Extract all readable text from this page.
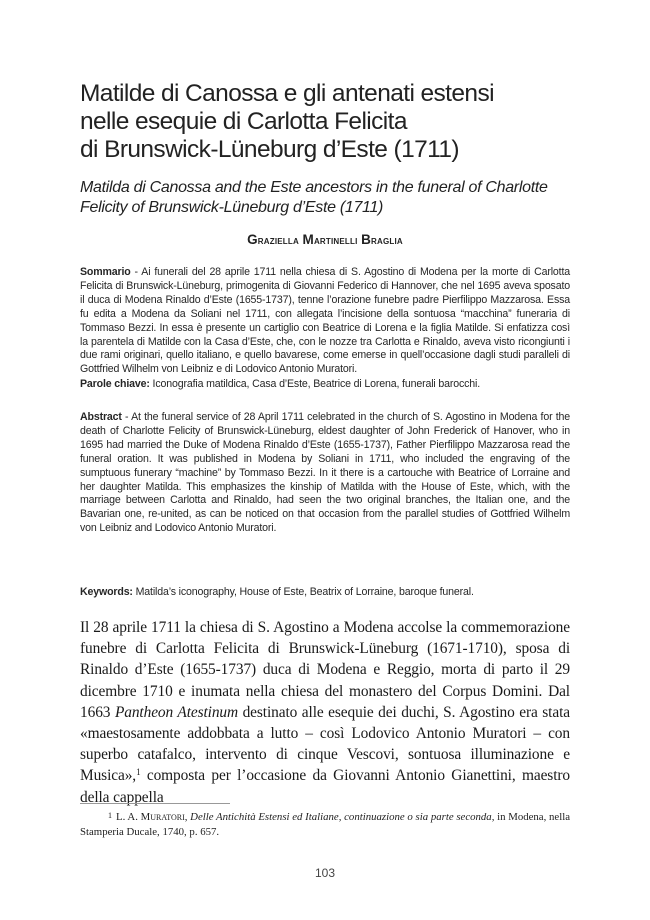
Matilde di Canossa e gli antenati estensi
nelle esequie di Carlotta Felicita
di Brunswick-Lüneburg d’Este (1711)
Matilda di Canossa and the Este ancestors in the funeral of Charlotte
Felicity of Brunswick-Lüneburg d’Este (1711)
Graziella Martinelli Braglia
Sommario - Ai funerali del 28 aprile 1711 nella chiesa di S. Agostino di Modena per la morte di Carlotta Felicita di Brunswick-Lüneburg, primogenita di Giovanni Federico di Hannover, che nel 1695 aveva sposato il duca di Modena Rinaldo d’Este (1655-1737), tenne l’orazione funebre padre Pierfilippo Mazzarosa. Essa fu edita a Modena da Soliani nel 1711, con allegata l’incisione della sontuosa “macchina” funeraria di Tommaso Bezzi. In essa è presente un cartiglio con Beatrice di Lorena e la figlia Matilde. Si enfatizza così la parentela di Matilde con la Casa d’Este, che, con le nozze tra Carlotta e Rinaldo, aveva visto ricongiunti i due rami originari, quello italiano, e quello bavarese, come emerse in quell’occasione dagli studi paralleli di Gottfried Wilhelm von Leibniz e di Lodovico Antonio Muratori.
Parole chiave: Iconografia matildica, Casa d’Este, Beatrice di Lorena, funerali barocchi.
Abstract - At the funeral service of 28 April 1711 celebrated in the church of S. Agostino in Modena for the death of Charlotte Felicity of Brunswick-Lüneburg, eldest daughter of John Frederick of Hanover, who in 1695 had married the Duke of Modena Rinaldo d’Este (1655-1737), Father Pierfilippo Mazzarosa read the funeral oration. It was published in Modena by Soliani in 1711, who included the engraving of the sumptuous funerary “machine” by Tommaso Bezzi. In it there is a cartouche with Beatrice of Lorraine and her daughter Matilda. This emphasizes the kinship of Matilda with the House of Este, which, with the marriage between Carlotta and Rinaldo, had seen the two original branches, the Italian one, and the Bavarian one, re-united, as can be noticed on that occasion from the parallel studies of Gottfried Wilhelm von Leibniz and Lodovico Antonio Muratori.
Keywords: Matilda’s iconography, House of Este, Beatrix of Lorraine, baroque funeral.
Il 28 aprile 1711 la chiesa di S. Agostino a Modena accolse la commemorazione funebre di Carlotta Felicita di Brunswick-Lüneburg (1671-1710), sposa di Rinaldo d’Este (1655-1737) duca di Modena e Reggio, morta di parto il 29 dicembre 1710 e inumata nella chiesa del monastero del Corpus Domini. Dal 1663 Pantheon Atestinum destinato alle esequie dei duchi, S. Agostino era stata «maestosamente addobbata a lutto – così Lodovico Antonio Muratori – con superbo catafalco, intervento di cinque Vescovi, sontuosa illuminazione e Musica»,$^1$ composta per l’occasione da Giovanni Antonio Gianettini, maestro della cappella
1 L. A. Muratori, Delle Antichità Estensi ed Italiane, continuazione o sia parte seconda, in Modena, nella Stamperia Ducale, 1740, p. 657.
103
